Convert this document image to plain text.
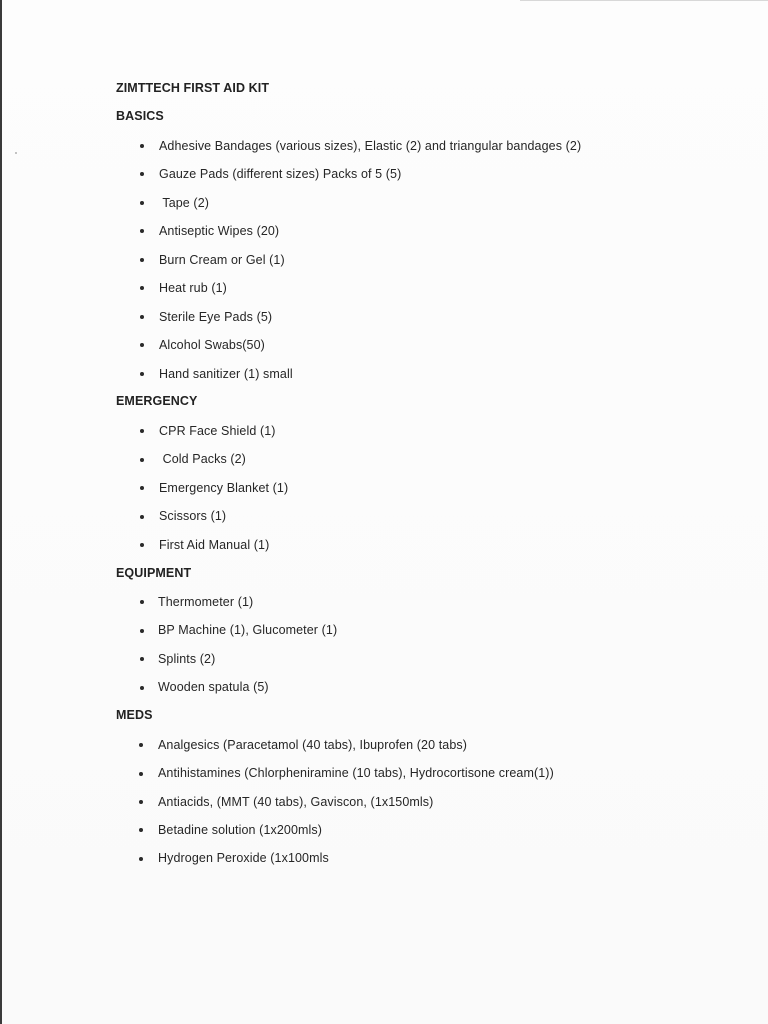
ZIMTTECH FIRST AID KIT
BASICS
Adhesive Bandages (various sizes), Elastic (2) and triangular bandages (2)
Gauze Pads (different sizes) Packs of 5 (5)
Tape (2)
Antiseptic Wipes (20)
Burn Cream or Gel (1)
Heat rub (1)
Sterile Eye Pads (5)
Alcohol Swabs(50)
Hand sanitizer (1) small
EMERGENCY
CPR Face Shield (1)
Cold Packs (2)
Emergency Blanket (1)
Scissors (1)
First Aid Manual (1)
EQUIPMENT
Thermometer (1)
BP Machine (1), Glucometer (1)
Splints (2)
Wooden spatula (5)
MEDS
Analgesics (Paracetamol (40 tabs), Ibuprofen (20 tabs)
Antihistamines (Chlorpheniramine (10 tabs), Hydrocortisone cream(1))
Antiacids, (MMT (40 tabs), Gaviscon, (1x150mls)
Betadine solution (1x200mls)
Hydrogen Peroxide (1x100mls
